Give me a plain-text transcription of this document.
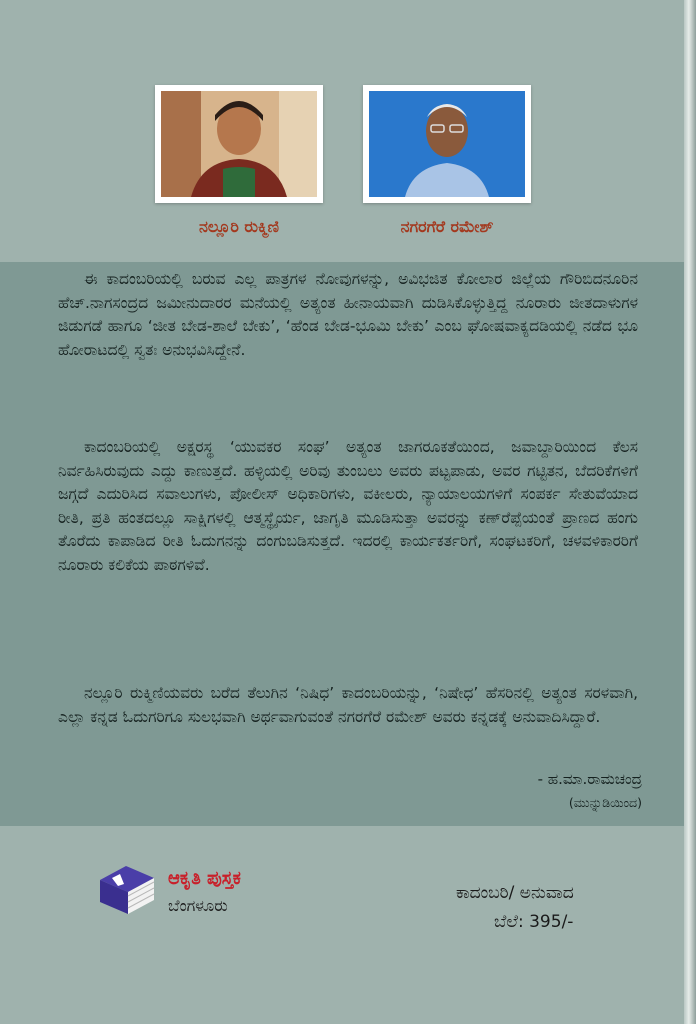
ನಲ್ಲೂರಿ ರುಕ್ಮಿಣಿ	ನಗರಗೆರೆ ರಮೇಶ್

ಈ ಕಾದಂಬರಿಯಲ್ಲಿ ಬರುವ ಎಲ್ಲ ಪಾತ್ರಗಳ ನೋವುಗಳನ್ನು, ಅವಿಭಜಿತ ಕೋಲಾರ ಜಿಲ್ಲೆಯ ಗೌರಿಬಿದನೂರಿನ ಹೆಚ್.ನಾಗಸಂದ್ರದ ಜಮೀನುದಾರರ ಮನೆಯಲ್ಲಿ ಅತ್ಯಂತ ಹೀನಾಯವಾಗಿ ದುಡಿಸಿಕೊಳ್ಳುತ್ತಿದ್ದ ನೂರಾರು ಜೀತದಾಳುಗಳ ಜಿಡುಗಡೆ ಹಾಗೂ ‘ಜೀತ ಬೇಡ-ಶಾಲೆ ಬೇಕು’, ‘ಹೆಂಡ ಬೇಡ-ಭೂಮಿ ಬೇಕು’ ಎಂಬ ಘೋಷವಾಕ್ಯದಡಿಯಲ್ಲಿ ನಡೆದ ಭೂ ಹೋರಾಟದಲ್ಲಿ ಸ್ವತಃ ಅನುಭವಿಸಿದ್ದೇನೆ.

ಕಾದಂಬರಿಯಲ್ಲಿ ಅಕ್ಷರಸ್ಥ ‘ಯುವಕರ ಸಂಘ’ ಅತ್ಯಂತ ಜಾಗರೂಕತೆಯಿಂದ, ಜವಾಬ್ದಾರಿಯಿಂದ ಕೆಲಸ ನಿರ್ವಹಿಸಿರುವುದು ಎದ್ದು ಕಾಣುತ್ತದೆ. ಹಳ್ಳಿಯಲ್ಲಿ ಅರಿವು ತುಂಬಲು ಅವರು ಪಟ್ಟಪಾಡು, ಅವರ ಗಟ್ಟಿತನ, ಬೆದರಿಕೆಗಳಿಗೆ ಜಗ್ಗದೆ ಎದುರಿಸಿದ ಸವಾಲುಗಳು, ಪೋಲೀಸ್ ಅಧಿಕಾರಿಗಳು, ವಕೀಲರು, ನ್ಯಾಯಾಲಯಗಳಿಗೆ ಸಂಪರ್ಕ ಸೇತುವೆಯಾದ ರೀತಿ, ಪ್ರತಿ ಹಂತದಲ್ಲೂ ಸಾಕ್ಷಿಗಳಲ್ಲಿ ಆತ್ಮಸ್ಥೈರ್ಯ, ಜಾಗೃತಿ ಮೂಡಿಸುತ್ತಾ ಅವರನ್ನು ಕಣ್‌ರೆಪ್ಪೆಯಂತೆ ಪ್ರಾಣದ ಹಂಗು ತೊರೆದು ಕಾಪಾಡಿದ ರೀತಿ ಓದುಗನನ್ನು ದಂಗುಬಡಿಸುತ್ತದೆ. ಇದರಲ್ಲಿ ಕಾರ್ಯಕರ್ತರಿಗೆ, ಸಂಘಟಕರಿಗೆ, ಚಳವಳಿಕಾರರಿಗೆ ನೂರಾರು ಕಲಿಕೆಯ ಪಾಠಗಳಿವೆ.

ನಲ್ಲೂರಿ ರುಕ್ಮಿಣಿಯವರು ಬರೆದ ತೆಲುಗಿನ ‘ನಿಷಿಧ’ ಕಾದಂಬರಿಯನ್ನು, ‘ನಿಷೇಧ’ ಹೆಸರಿನಲ್ಲಿ ಅತ್ಯಂತ ಸರಳವಾಗಿ, ಎಲ್ಲಾ ಕನ್ನಡ ಓದುಗರಿಗೂ ಸುಲಭವಾಗಿ ಅರ್ಥವಾಗುವಂತೆ ನಗರಗೆರೆ ರಮೇಶ್ ಅವರು ಕನ್ನಡಕ್ಕೆ ಅನುವಾದಿಸಿದ್ದಾರೆ.

- ಹ.ಮಾ.ರಾಮಚಂದ್ರ
(ಮುನ್ನುಡಿಯಿಂದ)
ಆಕೃತಿ ಪುಸ್ತಕ
ಬೆಂಗಳೂರು
ಕಾದಂಬರಿ/ ಅನುವಾದ
ಬೆಲೆ: 395/-
